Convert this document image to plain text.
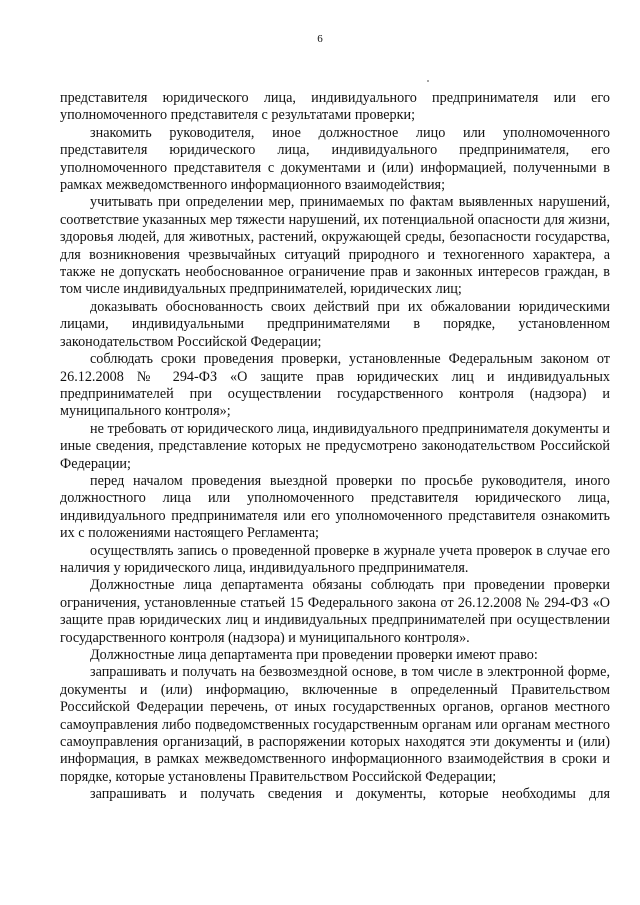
6

представителя юридического лица, индивидуального предпринимателя или его уполномоченного представителя с результатами проверки;

знакомить руководителя, иное должностное лицо или уполномоченного представителя юридического лица, индивидуального предпринимателя, его уполномоченного представителя с документами и (или) информацией, полученными в рамках межведомственного информационного взаимодействия;

учитывать при определении мер, принимаемых по фактам выявленных нарушений, соответствие указанных мер тяжести нарушений, их потенциальной опасности для жизни, здоровья людей, для животных, растений, окружающей среды, безопасности государства, для возникновения чрезвычайных ситуаций природного и техногенного характера, а также не допускать необоснованное ограничение прав и законных интересов граждан, в том числе индивидуальных предпринимателей, юридических лиц;

доказывать обоснованность своих действий при их обжаловании юридическими лицами, индивидуальными предпринимателями в порядке, установленном законодательством Российской Федерации;

соблюдать сроки проведения проверки, установленные Федеральным законом от 26.12.2008 № 294-ФЗ «О защите прав юридических лиц и индивидуальных предпринимателей при осуществлении государственного контроля (надзора) и муниципального контроля»;

не требовать от юридического лица, индивидуального предпринимателя документы и иные сведения, представление которых не предусмотрено законодательством Российской Федерации;

перед началом проведения выездной проверки по просьбе руководителя, иного должностного лица или уполномоченного представителя юридического лица, индивидуального предпринимателя или его уполномоченного представителя ознакомить их с положениями настоящего Регламента;

осуществлять запись о проведенной проверке в журнале учета проверок в случае его наличия у юридического лица, индивидуального предпринимателя.

Должностные лица департамента обязаны соблюдать при проведении проверки ограничения, установленные статьей 15 Федерального закона от 26.12.2008 № 294-ФЗ «О защите прав юридических лиц и индивидуальных предпринимателей при осуществлении государственного контроля (надзора) и муниципального контроля».

Должностные лица департамента при проведении проверки имеют право:

запрашивать и получать на безвозмездной основе, в том числе в электронной форме, документы и (или) информацию, включенные в определенный Правительством Российской Федерации перечень, от иных государственных органов, органов местного самоуправления либо подведомственных государственным органам или органам местного самоуправления организаций, в распоряжении которых находятся эти документы и (или) информация, в рамках межведомственного информационного взаимодействия в сроки и порядке, которые установлены Правительством Российской Федерации;

запрашивать и получать сведения и документы, которые необходимы для
